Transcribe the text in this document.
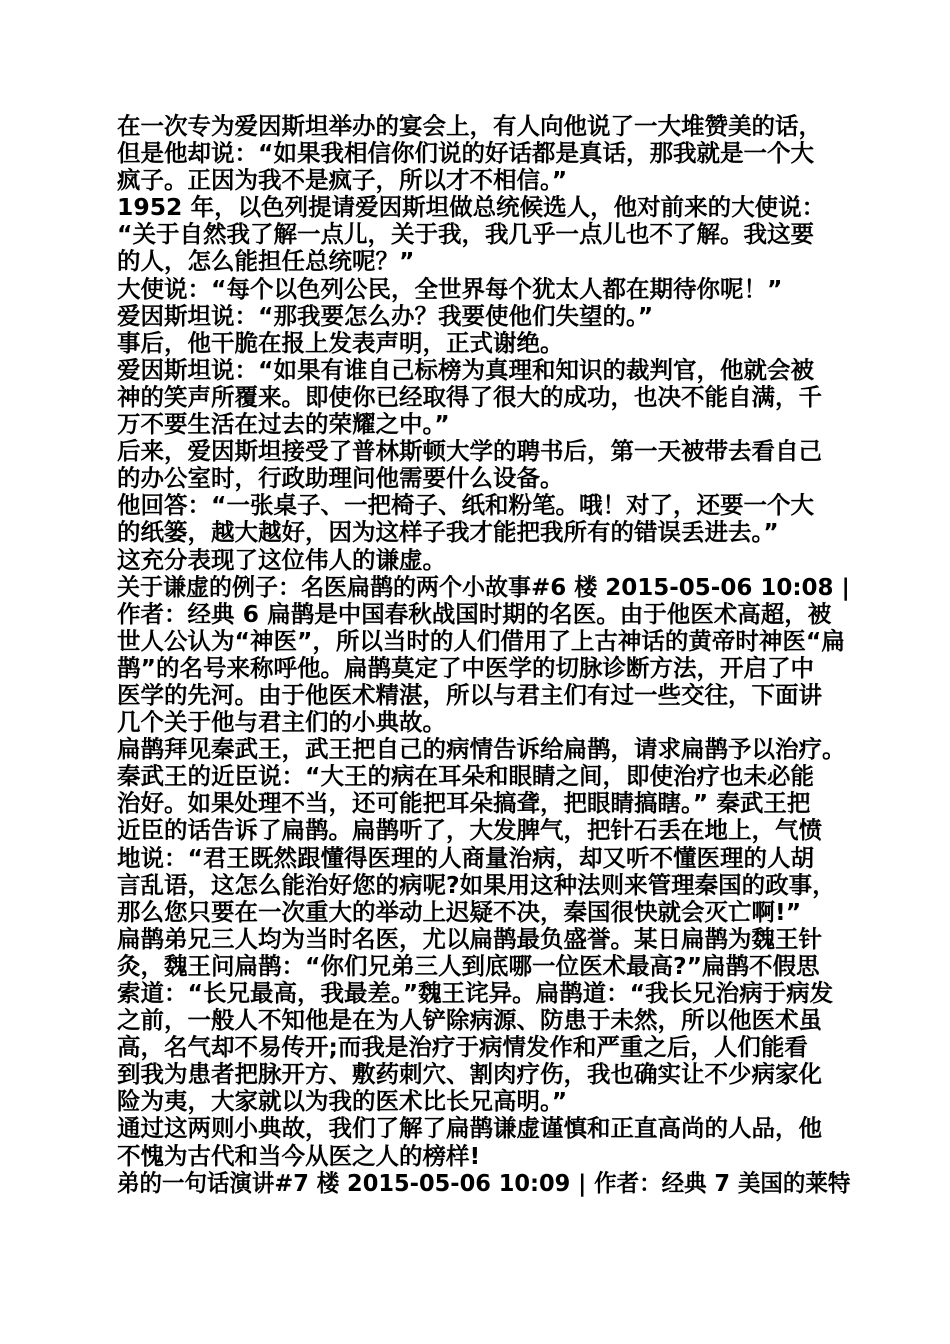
在一次专为爱因斯坦举办的宴会上，有人向他说了一大堆赞美的话，
但是他却说：“如果我相信你们说的好话都是真话，那我就是一个大
疯子。正因为我不是疯子，所以才不相信。”
1952 年，以色列提请爱因斯坦做总统候选人，他对前来的大使说：
“关于自然我了解一点儿，关于我，我几乎一点儿也不了解。我这要
的人，怎么能担任总统呢？”
大使说：“每个以色列公民，全世界每个犹太人都在期待你呢！”
爱因斯坦说：“那我要怎么办？我要使他们失望的。”
事后，他干脆在报上发表声明，正式谢绝。
爱因斯坦说：“如果有谁自己标榜为真理和知识的裁判官，他就会被
神的笑声所覆来。即使你已经取得了很大的成功，也决不能自满，千
万不要生活在过去的荣耀之中。”
后来，爱因斯坦接受了普林斯顿大学的聘书后，第一天被带去看自己
的办公室时，行政助理问他需要什么设备。
他回答：“一张桌子、一把椅子、纸和粉笔。哦！对了，还要一个大
的纸篓，越大越好，因为这样子我才能把我所有的错误丢进去。”
这充分表现了这位伟人的谦虚。
关于谦虚的例子：名医扁鹊的两个小故事#6 楼 2015-05-06 10:08 |
作者：经典 6 扁鹊是中国春秋战国时期的名医。由于他医术高超，被
世人公认为“神医”，所以当时的人们借用了上古神话的黄帝时神医“扁
鹊”的名号来称呼他。扁鹊莫定了中医学的切脉诊断方法，开启了中
医学的先河。由于他医术精湛，所以与君主们有过一些交往，下面讲
几个关于他与君主们的小典故。
扁鹊拜见秦武王，武王把自己的病情告诉给扁鹊，请求扁鹊予以治疗。
秦武王的近臣说：“大王的病在耳朵和眼睛之间，即使治疗也未必能
治好。如果处理不当，还可能把耳朵搞聋，把眼睛搞瞎。” 秦武王把
近臣的话告诉了扁鹊。扁鹊听了，大发脾气，把针石丢在地上，气愤
地说：“君王既然跟懂得医理的人商量治病，却又听不懂医理的人胡
言乱语，这怎么能治好您的病呢?如果用这种法则来管理秦国的政事，
那么您只要在一次重大的举动上迟疑不决，秦国很快就会灭亡啊!”
扁鹊弟兄三人均为当时名医，尤以扁鹊最负盛誉。某日扁鹊为魏王针
灸，魏王问扁鹊：“你们兄弟三人到底哪一位医术最高?”扁鹊不假思
索道：“长兄最高，我最差。”魏王诧异。扁鹊道：“我长兄治病于病发
之前，一般人不知他是在为人铲除病源、防患于未然，所以他医术虽
高，名气却不易传开;而我是治疗于病情发作和严重之后，人们能看
到我为患者把脉开方、敷药刺穴、割肉疗伤，我也确实让不少病家化
险为夷，大家就以为我的医术比长兄高明。”
通过这两则小典故，我们了解了扁鹊谦虚谨慎和正直高尚的人品，他
不愧为古代和当今从医之人的榜样!
弟的一句话演讲#7 楼 2015-05-06 10:09 | 作者：经典 7 美国的莱特
